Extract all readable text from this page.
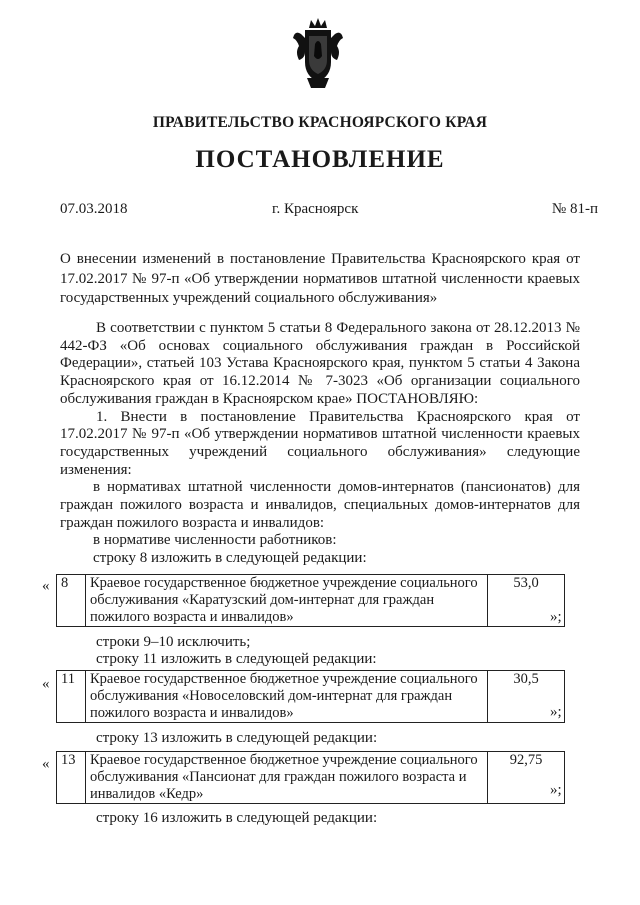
ПРАВИТЕЛЬСТВО КРАСНОЯРСКОГО КРАЯ
ПОСТАНОВЛЕНИЕ
07.03.2018	г. Красноярск	№ 81-п
О внесении изменений в постановление Правительства Красноярского края от 17.02.2017 № 97-п «Об утверждении нормативов штатной численности краевых государственных учреждений социального обслуживания»

В соответствии с пунктом 5 статьи 8 Федерального закона от 28.12.2013 № 442-ФЗ «Об основах социального обслуживания граждан в Российской Федерации», статьей 103 Устава Красноярского края, пунктом 5 статьи 4 Закона Красноярского края от 16.12.2014 № 7-3023 «Об организации социального обслуживания граждан в Красноярском крае» ПОСТАНОВЛЯЮ:

1. Внести в постановление Правительства Красноярского края от 17.02.2017 № 97-п «Об утверждении нормативов штатной численности краевых государственных учреждений социального обслуживания» следующие изменения:

в нормативах штатной численности домов-интернатов (пансионатов) для граждан пожилого возраста и инвалидов, специальных домов-интернатов для граждан пожилого возраста и инвалидов:

в нормативе численности работников:

строку 8 изложить в следующей редакции:

« 8	Краевое государственное бюджетное учреждение социального обслуживания «Каратузский дом-интернат для граждан пожилого возраста и инвалидов»	53,0
»;
строки 9–10 исключить;
строку 11 изложить в следующей редакции:
« 11	Краевое государственное бюджетное учреждение социального обслуживания «Новоселовский дом-интернат для граждан пожилого возраста и инвалидов»	30,5
»;
строку 13 изложить в следующей редакции:
« 13	Краевое государственное бюджетное учреждение социального обслуживания «Пансионат для граждан пожилого возраста и инвалидов «Кедр»	92,75
»;
строку 16 изложить в следующей редакции:
